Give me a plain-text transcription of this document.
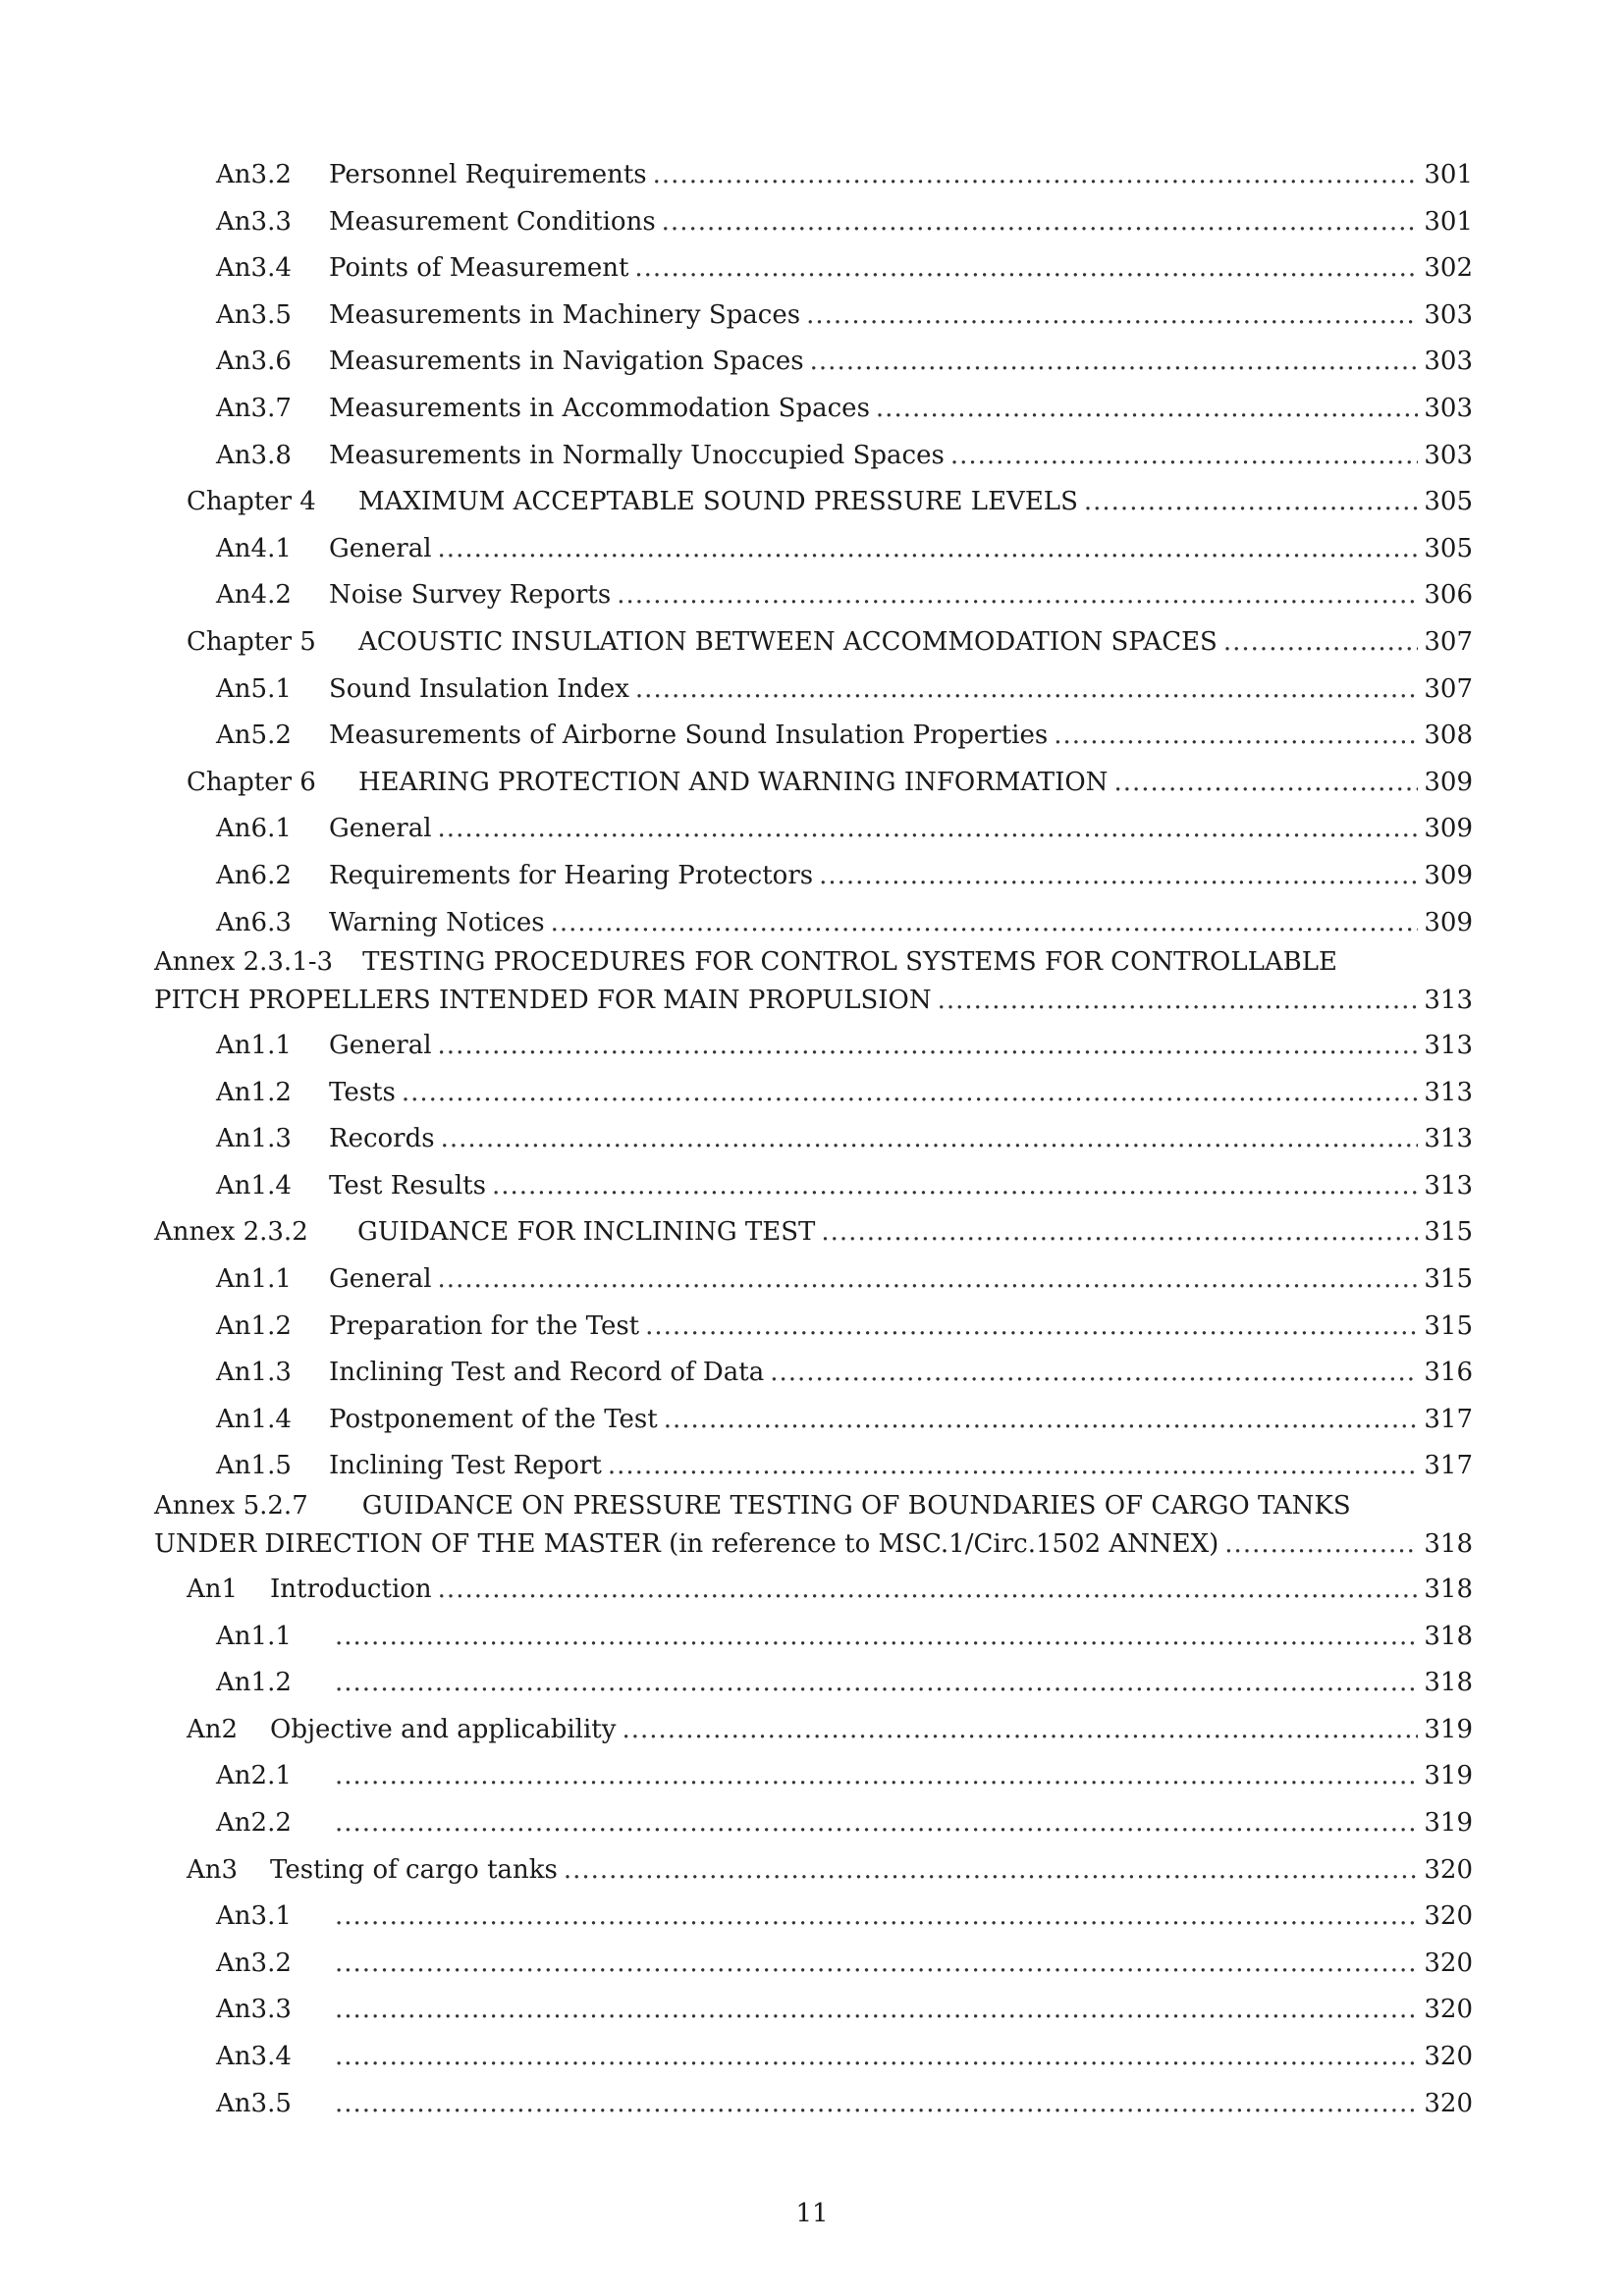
An3.2	Personnel Requirements .....	301
An3.3	Measurement Conditions .....	301
An3.4	Points of Measurement .....	302
An3.5	Measurements in Machinery Spaces .....	303
An3.6	Measurements in Navigation Spaces .....	303
An3.7	Measurements in Accommodation Spaces .....	303
An3.8	Measurements in Normally Unoccupied Spaces .....	303
Chapter 4	MAXIMUM ACCEPTABLE SOUND PRESSURE LEVELS .....	305
An4.1	General .....	305
An4.2	Noise Survey Reports .....	306
Chapter 5	ACOUSTIC INSULATION BETWEEN ACCOMMODATION SPACES .....	307
An5.1	Sound Insulation Index .....	307
An5.2	Measurements of Airborne Sound Insulation Properties .....	308
Chapter 6	HEARING PROTECTION AND WARNING INFORMATION .....	309
An6.1	General .....	309
An6.2	Requirements for Hearing Protectors .....	309
An6.3	Warning Notices .....	309
Annex 2.3.1-3 TESTING PROCEDURES FOR CONTROL SYSTEMS FOR CONTROLLABLE
PITCH PROPELLERS INTENDED FOR MAIN PROPULSION .....	313
An1.1	General .....	313
An1.2	Tests .....	313
An1.3	Records .....	313
An1.4	Test Results .....	313
Annex 2.3.2	GUIDANCE FOR INCLINING TEST .....	315
An1.1	General .....	315
An1.2	Preparation for the Test .....	315
An1.3	Inclining Test and Record of Data .....	316
An1.4	Postponement of the Test .....	317
An1.5	Inclining Test Report .....	317
Annex 5.2.7 GUIDANCE ON PRESSURE TESTING OF BOUNDARIES OF CARGO TANKS
UNDER DIRECTION OF THE MASTER (in reference to MSC.1/Circ.1502 ANNEX) .....	318
An1	Introduction .....	318
An1.1 .....	318
An1.2 .....	318
An2	Objective and applicability .....	319
An2.1 .....	319
An2.2 .....	319
An3	Testing of cargo tanks .....	320
An3.1 .....	320
An3.2 .....	320
An3.3 .....	320
An3.4 .....	320
An3.5 .....	320
11
